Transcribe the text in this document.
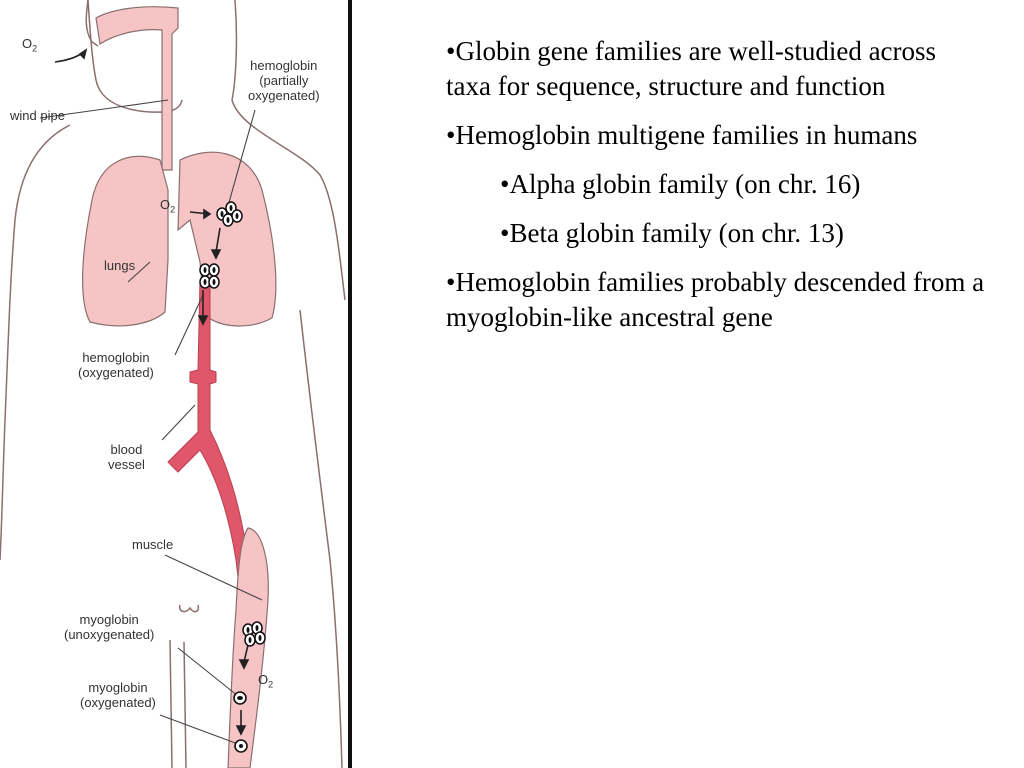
$O_2$
$O_2$
$O_2$
wind pipe
hemoglobin
(partially
oxygenated)
lungs
hemoglobin
(oxygenated)
blood
vessel
muscle
myoglobin
(unoxygenated)
myoglobin
(oxygenated)
•Globin gene families are well-studied across taxa for sequence, structure and function
•Hemoglobin multigene families in humans
•Alpha globin family (on chr. 16)
•Beta globin family (on chr. 13)
•Hemoglobin families probably descended from a myoglobin-like ancestral gene
